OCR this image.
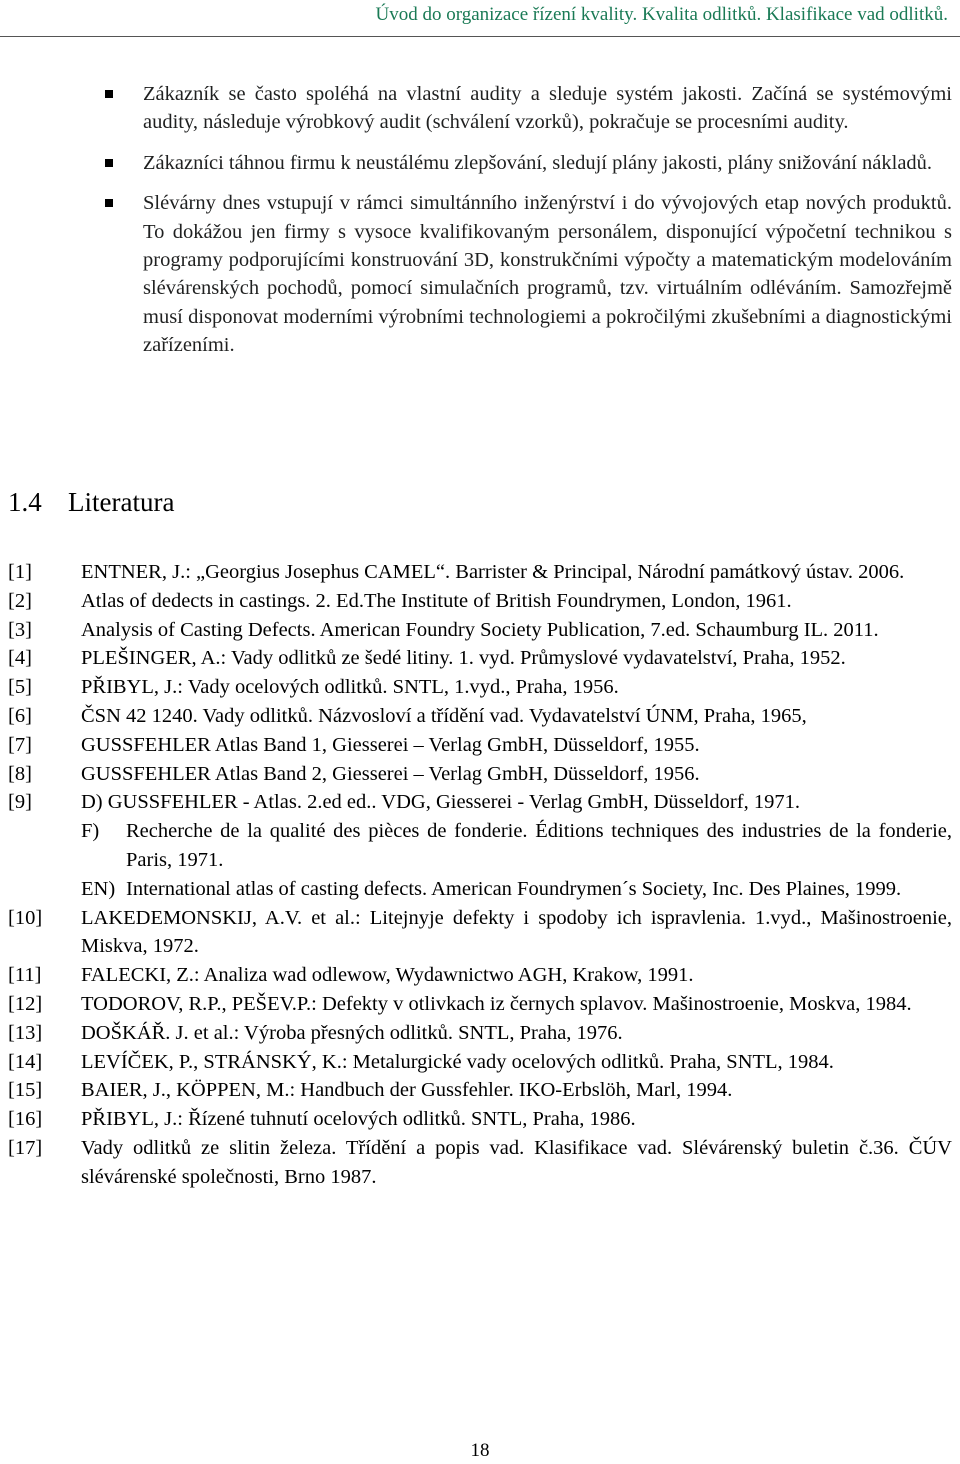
Úvod do organizace řízení kvality. Kvalita odlitků. Klasifikace vad odlitků.
Zákazník se často spoléhá na vlastní audity a sleduje systém jakosti. Začíná se systémovými audity, následuje výrobkový audit (schválení vzorků), pokračuje se procesními audity.
Zákazníci táhnou firmu k neustálému zlepšování, sledují plány jakosti, plány snižování nákladů.
Slévárny dnes vstupují v rámci simultánního inženýrství i do vývojových etap nových produktů. To dokážou jen firmy s vysoce kvalifikovaným personálem, disponující výpočetní technikou s programy podporujícími konstruování 3D, konstrukčními výpočty a matematickým modelováním slévárenských pochodů, pomocí simulačních programů, tzv. virtuálním odléváním. Samozřejmě musí disponovat moderními výrobními technologiemi a pokročilými zkušebními a diagnostickými zařízeními.
1.4 Literatura
[1] ENTNER, J.: „Georgius Josephus CAMEL“. Barrister & Principal, Národní památkový ústav. 2006.
[2] Atlas of dedects in castings. 2. Ed.The Institute of British Foundrymen, London, 1961.
[3] Analysis of Casting Defects. American Foundry Society Publication, 7.ed. Schaumburg IL. 2011.
[4] PLEŠINGER, A.: Vady odlitků ze šedé litiny. 1. vyd. Průmyslové vydavatelství, Praha, 1952.
[5] PŘIBYL, J.: Vady ocelových odlitků. SNTL, 1.vyd., Praha, 1956.
[6] ČSN 42 1240. Vady odlitků. Názvosloví a třídění vad. Vydavatelství ÚNM, Praha, 1965,
[7] GUSSFEHLER Atlas Band 1, Giesserei – Verlag GmbH, Düsseldorf, 1955.
[8] GUSSFEHLER Atlas Band 2, Giesserei – Verlag GmbH, Düsseldorf, 1956.
[9] D) GUSSFEHLER - Atlas. 2.ed ed.. VDG, Giesserei - Verlag GmbH, Düsseldorf, 1971.
F) Recherche de la qualité des pièces de fonderie. Éditions techniques des industries de la fonderie, Paris, 1971.
EN) International atlas of casting defects. American Foundrymen´s Society, Inc. Des Plaines, 1999.
[10] LAKEDEMONSKIJ, A.V. et al.: Litejnyje defekty i spodoby ich ispravlenia. 1.vyd., Mašinostroenie, Miskva, 1972.
[11] FALECKI, Z.: Analiza wad odlewow, Wydawnictwo AGH, Krakow, 1991.
[12] TODOROV, R.P., PEŠEV.P.: Defekty v otlivkach iz černych splavov. Mašinostroenie, Moskva, 1984.
[13] DOŠKÁŘ. J. et al.: Výroba přesných odlitků. SNTL, Praha, 1976.
[14] LEVÍČEK, P., STRÁNSKÝ, K.: Metalurgické vady ocelových odlitků. Praha, SNTL, 1984.
[15] BAIER, J., KÖPPEN, M.: Handbuch der Gussfehler. IKO-Erbslöh, Marl, 1994.
[16] PŘIBYL, J.: Řízené tuhnutí ocelových odlitků. SNTL, Praha, 1986.
[17] Vady odlitků ze slitin železa. Třídění a popis vad. Klasifikace vad. Slévárenský buletin č.36. ČÚV slévárenské společnosti, Brno 1987.
18
